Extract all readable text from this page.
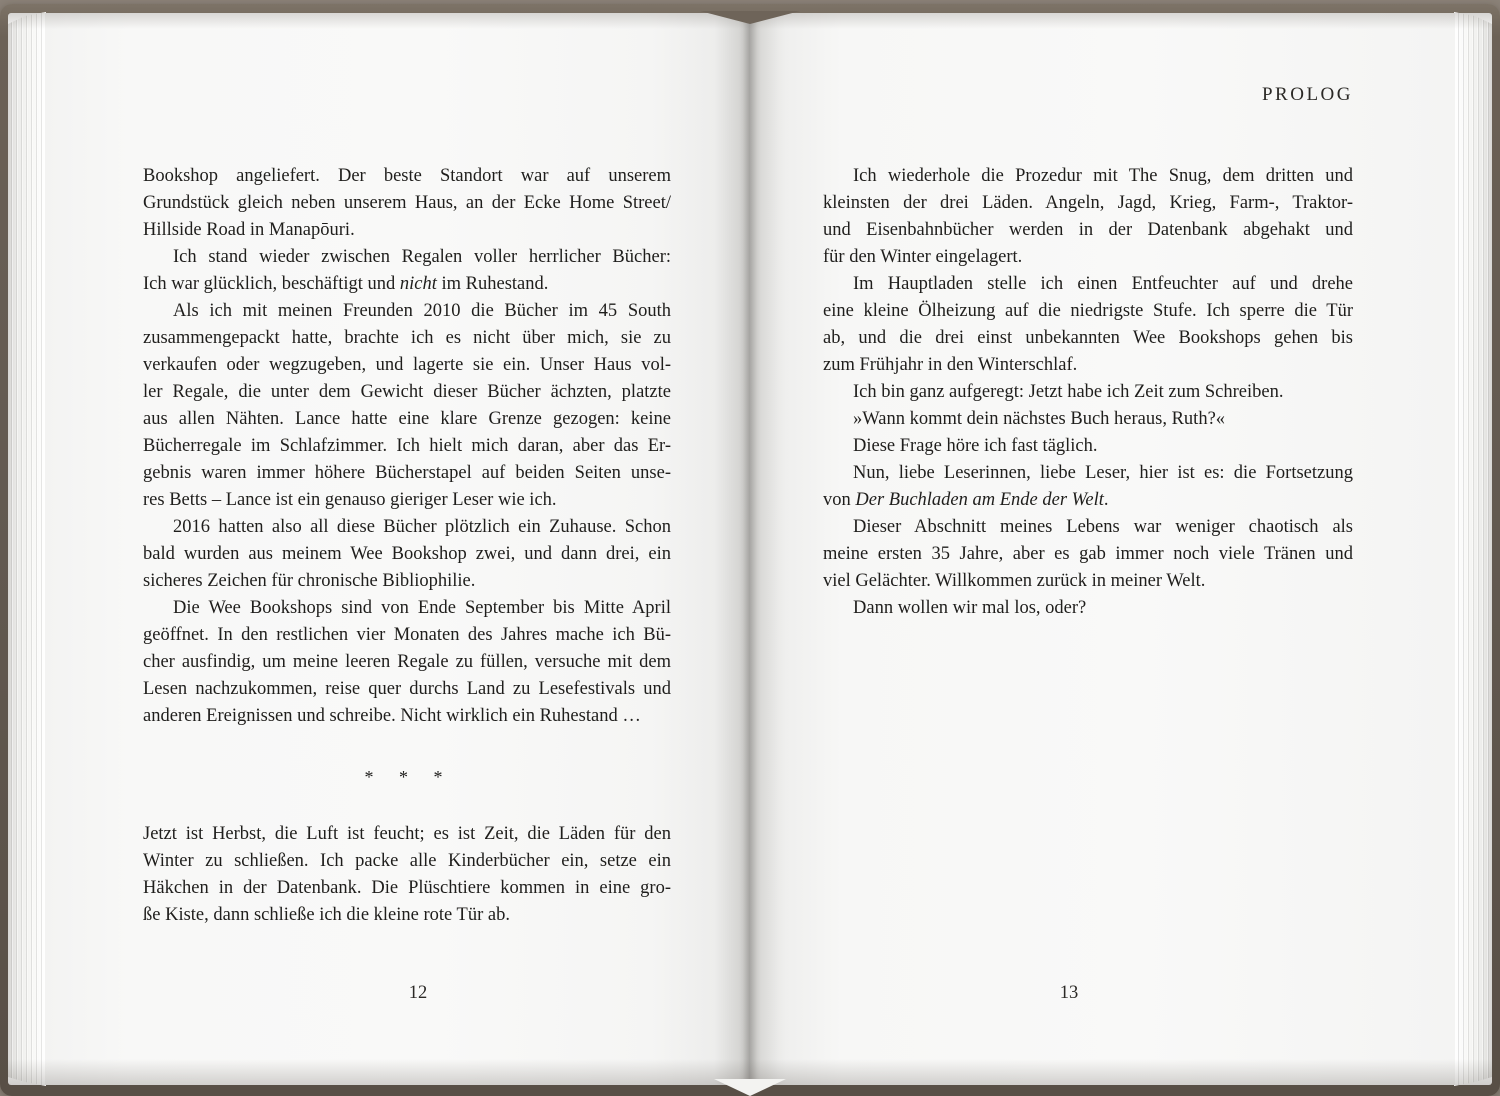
PROLOG
Bookshop angeliefert. Der beste Standort war auf unserem
Grundstück gleich neben unserem Haus, an der Ecke Home Street/
Hillside Road in Manapōuri.
Ich stand wieder zwischen Regalen voller herrlicher Bücher:
Ich war glücklich, beschäftigt und nicht im Ruhestand.
Als ich mit meinen Freunden 2010 die Bücher im 45 South
zusammengepackt hatte, brachte ich es nicht über mich, sie zu
verkaufen oder wegzugeben, und lagerte sie ein. Unser Haus vol-
ler Regale, die unter dem Gewicht dieser Bücher ächzten, platzte
aus allen Nähten. Lance hatte eine klare Grenze gezogen: keine
Bücherregale im Schlafzimmer. Ich hielt mich daran, aber das Er-
gebnis waren immer höhere Bücherstapel auf beiden Seiten unse-
res Betts – Lance ist ein genauso gieriger Leser wie ich.
2016 hatten also all diese Bücher plötzlich ein Zuhause. Schon
bald wurden aus meinem Wee Bookshop zwei, und dann drei, ein
sicheres Zeichen für chronische Bibliophilie.
Die Wee Bookshops sind von Ende September bis Mitte April
geöffnet. In den restlichen vier Monaten des Jahres mache ich Bü-
cher ausfindig, um meine leeren Regale zu füllen, versuche mit dem
Lesen nachzukommen, reise quer durchs Land zu Lesefestivals und
anderen Ereignissen und schreibe. Nicht wirklich ein Ruhestand …
* * *
Jetzt ist Herbst, die Luft ist feucht; es ist Zeit, die Läden für den
Winter zu schließen. Ich packe alle Kinderbücher ein, setze ein
Häkchen in der Datenbank. Die Plüschtiere kommen in eine gro-
ße Kiste, dann schließe ich die kleine rote Tür ab.
Ich wiederhole die Prozedur mit The Snug, dem dritten und
kleinsten der drei Läden. Angeln, Jagd, Krieg, Farm-, Traktor-
und Eisenbahnbücher werden in der Datenbank abgehakt und
für den Winter eingelagert.
Im Hauptladen stelle ich einen Entfeuchter auf und drehe
eine kleine Ölheizung auf die niedrigste Stufe. Ich sperre die Tür
ab, und die drei einst unbekannten Wee Bookshops gehen bis
zum Frühjahr in den Winterschlaf.
Ich bin ganz aufgeregt: Jetzt habe ich Zeit zum Schreiben.
»Wann kommt dein nächstes Buch heraus, Ruth?«
Diese Frage höre ich fast täglich.
Nun, liebe Leserinnen, liebe Leser, hier ist es: die Fortsetzung
von Der Buchladen am Ende der Welt.
Dieser Abschnitt meines Lebens war weniger chaotisch als
meine ersten 35 Jahre, aber es gab immer noch viele Tränen und
viel Gelächter. Willkommen zurück in meiner Welt.
Dann wollen wir mal los, oder?
12	13
